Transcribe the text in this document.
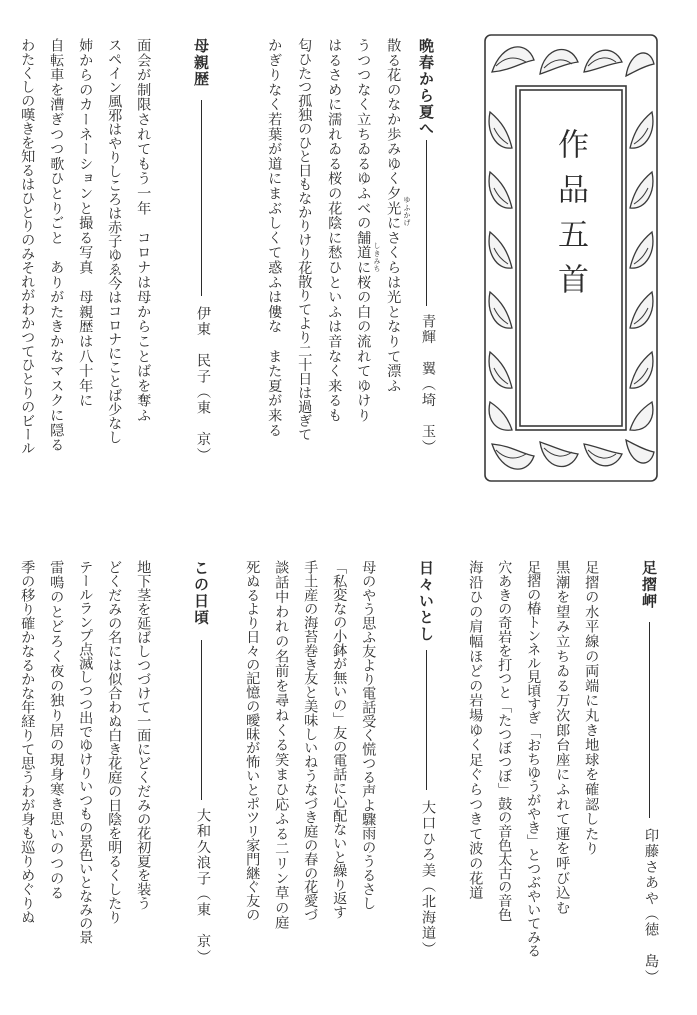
作品五首
晩春から夏へ
青輝　翼（埼　玉）
散る花のなか歩みゆく夕光にさくらは光となりて漂ふ ゆふかげ
うつつなく立ちゐるゆふべの舗道に桜の白の流れてゆけり しきみち
はるさめに濡れゐる桜の花陰に愁ひといふは音なく来るも
匂ひたつ孤独のひと日もなかりけり花散りてより二十日は過ぎて
かぎりなく若葉が道にまぶしくて惑ふは僂な　また夏が来る
母親歴
伊東　民子（東　京）
面会が制限されてもう一年　コロナは母からことばを奪ふ
スペイン風邪はやりしころは赤子ゆゑ今はコロナにことば少なし
姉からのカーネーションと撮る写真　母親歴は八十年に
自転車を漕ぎつつ歌ひとりごと　ありがたきかなマスクに隠る
わたくしの嘆きを知るはひとりのみそれがわかつてひとりのビール
足摺岬
印藤さあや（徳　島）
足摺の水平線の両端に丸き地球を確認したり
黒潮を望み立ちゐる万次郎台座にふれて運を呼び込む
足摺の椿トンネル見頃すぎ「おちゆうがやき」とつぶやいてみる
穴あきの奇岩を打つと「たつぼつぼ」鼓の音色太古の音色
海沿ひの肩幅ほどの岩場ゆく足ぐらつきて波の花道
日々いとし
大口ひろ美（北海道）
母のやう思ふ友より電話受く慌つる声よ驟雨のうるさし
「私変なの小鉢が無いの」友の電話に心配ないと繰り返す
手土産の海苔巻き友と美味しいねうなづき庭の春の花愛づ
談話中われの名前を尋ねくる笑まひ応ふる二リン草の庭
死ぬるより日々の記憶の曖昧が怖いとポツリ家門継ぐ友の
この日頃
大和久浪子（東　京）
地下茎を延ばしつづけて一面にどくだみの花初夏を装う
どくだみの名には似合わぬ白き花庭の日陰を明るくしたり
テールランプ点滅しつつ出でゆけりいつもの景色いとなみの景
雷鳴のとどろく夜の独り居の現身寒き思いのつのる
季の移り確かなるかな年経りて思うわが身も巡りめぐりぬ
